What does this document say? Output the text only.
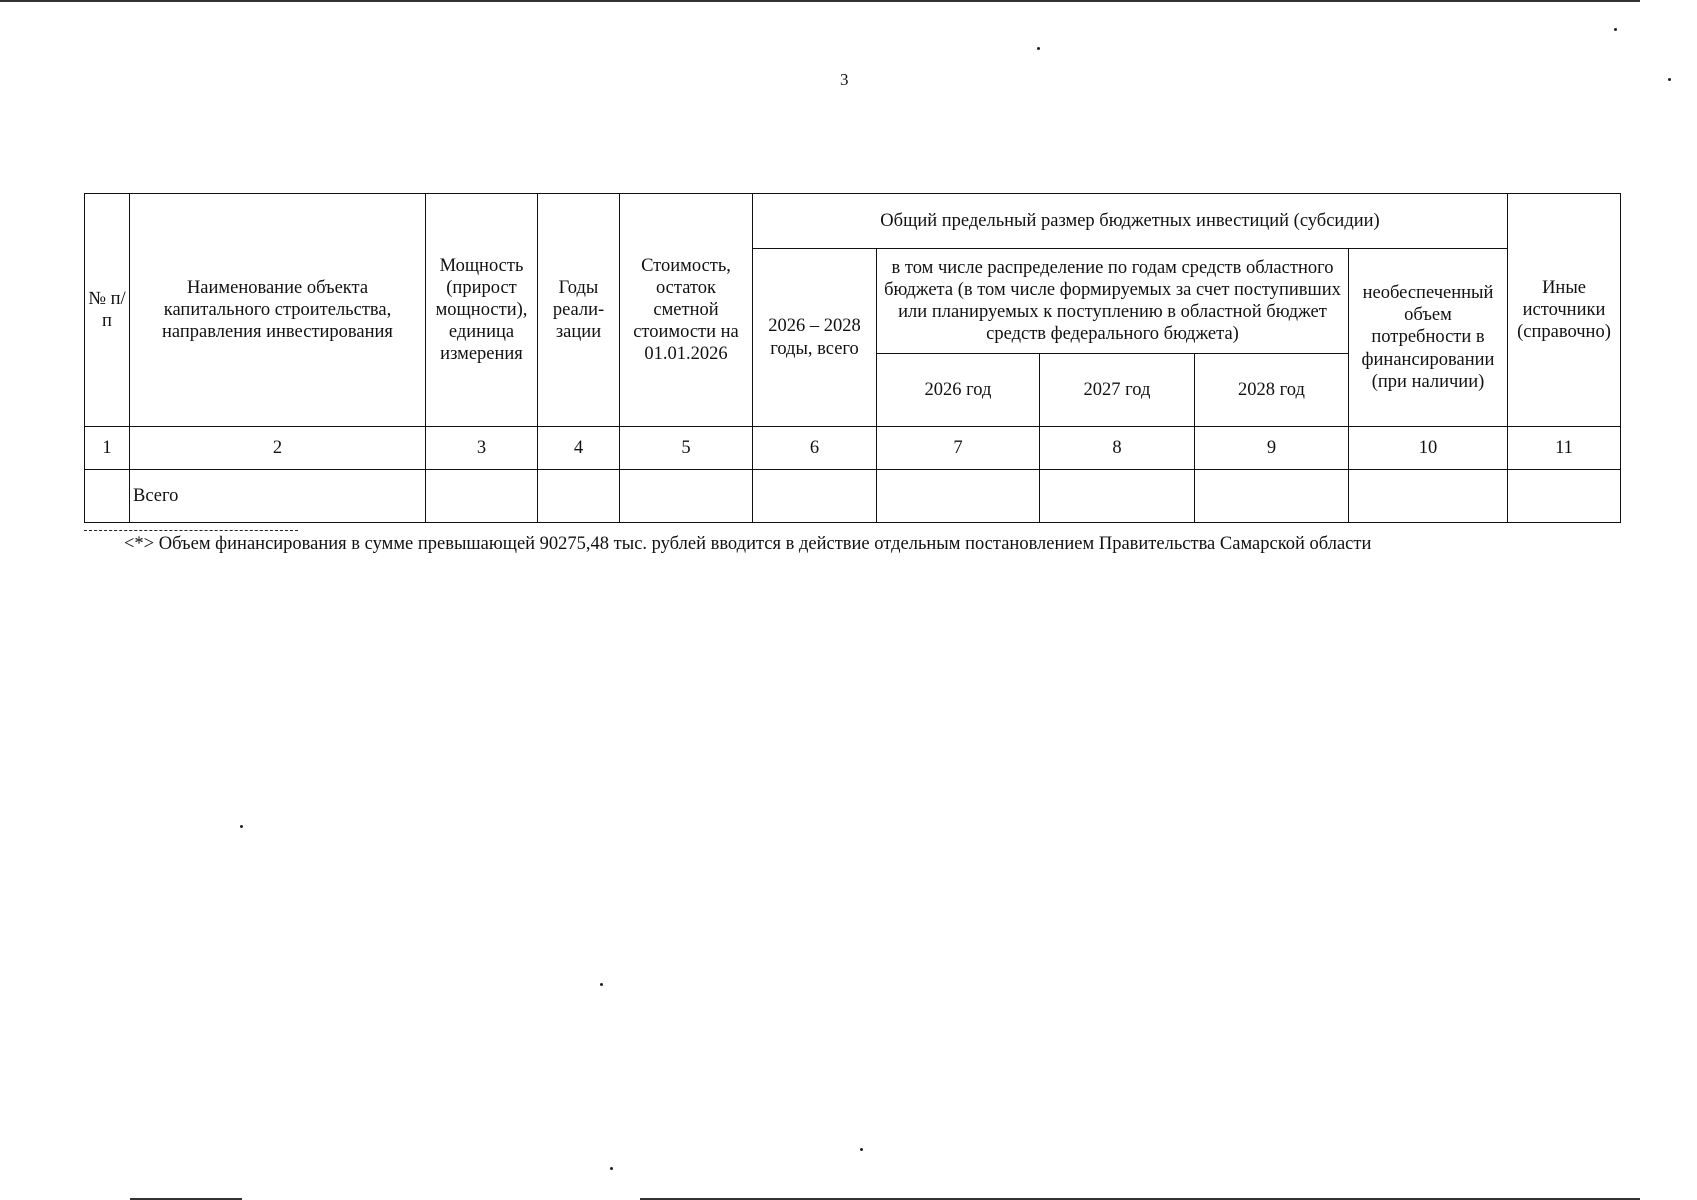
3
№ п/п	Наименование объекта капитального строительства, направления инвестирования	Мощность (прирост мощности), единица измерения	Годы реали-зации	Стоимость, остаток сметной стоимости на 01.01.2026	Общий предельный размер бюджетных инвестиций (субсидии)					Иные источники (справочно)
					2026 – 2028 годы, всего	в том числе распределение по годам средств областного бюджета (в том числе формируемых за счет поступивших или планируемых к поступлению в областной бюджет средств федерального бюджета)			необеспеченный объем потребности в финансировании (при наличии)	
						2026 год	2027 год	2028 год		
1	2	3	4	5	6	7	8	9	10	11
	Всего									
<*> Объем финансирования в сумме превышающей 90275,48 тыс. рублей вводится в действие отдельным постановлением Правительства Самарской области
